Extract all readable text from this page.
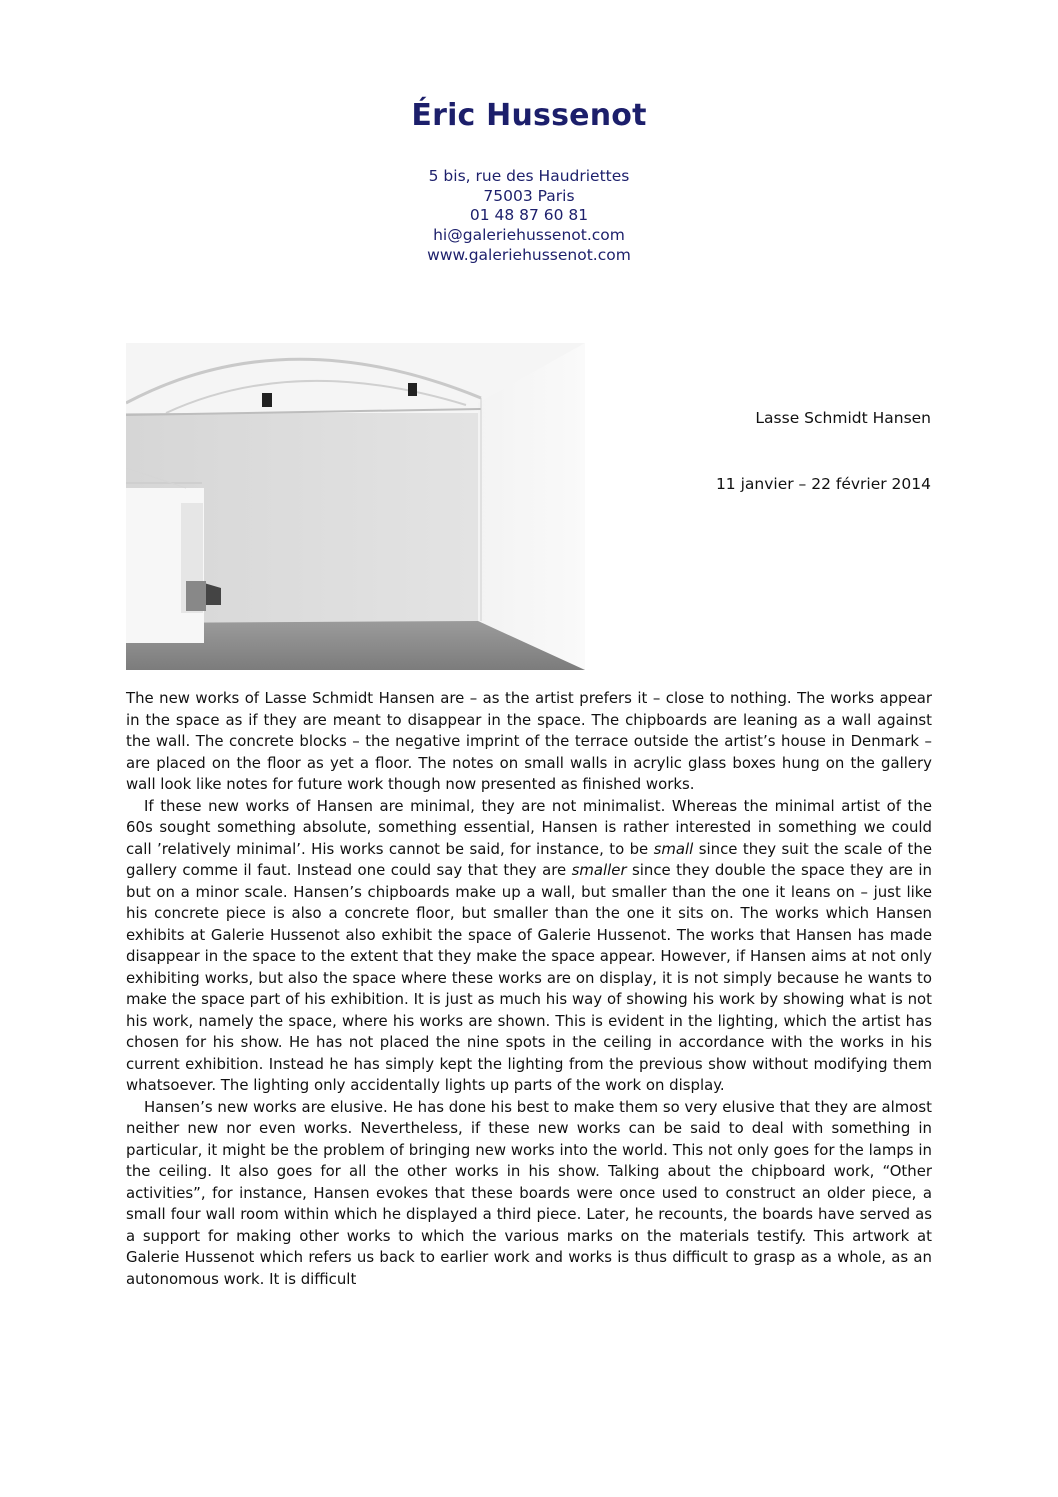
Éric Hussenot
5 bis, rue des Haudriettes
75003 Paris
01 48 87 60 81
hi@galeriehussenot.com
www.galeriehussenot.com
Lasse Schmidt Hansen
11 janvier – 22 février 2014

The new works of Lasse Schmidt Hansen are – as the artist prefers it – close to nothing. The works appear in the space as if they are meant to disappear in the space. The chipboards are leaning as a wall against the wall. The concrete blocks – the negative imprint of the terrace outside the artist’s house in Denmark – are placed on the floor as yet a floor. The notes on small walls in acrylic glass boxes hung on the gallery wall look like notes for future work though now presented as finished works.

If these new works of Hansen are minimal, they are not minimalist. Whereas the minimal artist of the 60s sought something absolute, something essential, Hansen is rather interested in something we could call ’relatively minimal’. His works cannot be said, for instance, to be small since they suit the scale of the gallery comme il faut. Instead one could say that they are smaller since they double the space they are in but on a minor scale. Hansen’s chipboards make up a wall, but smaller than the one it leans on – just like his concrete piece is also a concrete floor, but smaller than the one it sits on. The works which Hansen exhibits at Galerie Hussenot also exhibit the space of Galerie Hussenot. The works that Hansen has made disappear in the space to the extent that they make the space appear. However, if Hansen aims at not only exhibiting works, but also the space where these works are on display, it is not simply because he wants to make the space part of his exhibition. It is just as much his way of showing his work by showing what is not his work, namely the space, where his works are shown. This is evident in the lighting, which the artist has chosen for his show. He has not placed the nine spots in the ceiling in accordance with the works in his current exhibition. Instead he has simply kept the lighting from the previous show without modifying them whatsoever. The lighting only accidentally lights up parts of the work on display.

Hansen’s new works are elusive. He has done his best to make them so very elusive that they are almost neither new nor even works. Nevertheless, if these new works can be said to deal with something in particular, it might be the problem of bringing new works into the world. This not only goes for the lamps in the ceiling. It also goes for all the other works in his show. Talking about the chipboard work, “Other activities”, for instance, Hansen evokes that these boards were once used to construct an older piece, a small four wall room within which he displayed a third piece. Later, he recounts, the boards have served as a support for making other works to which the various marks on the materials testify. This artwork at Galerie Hussenot which refers us back to earlier work and works is thus difficult to grasp as a whole, as an autonomous work. It is difficult
